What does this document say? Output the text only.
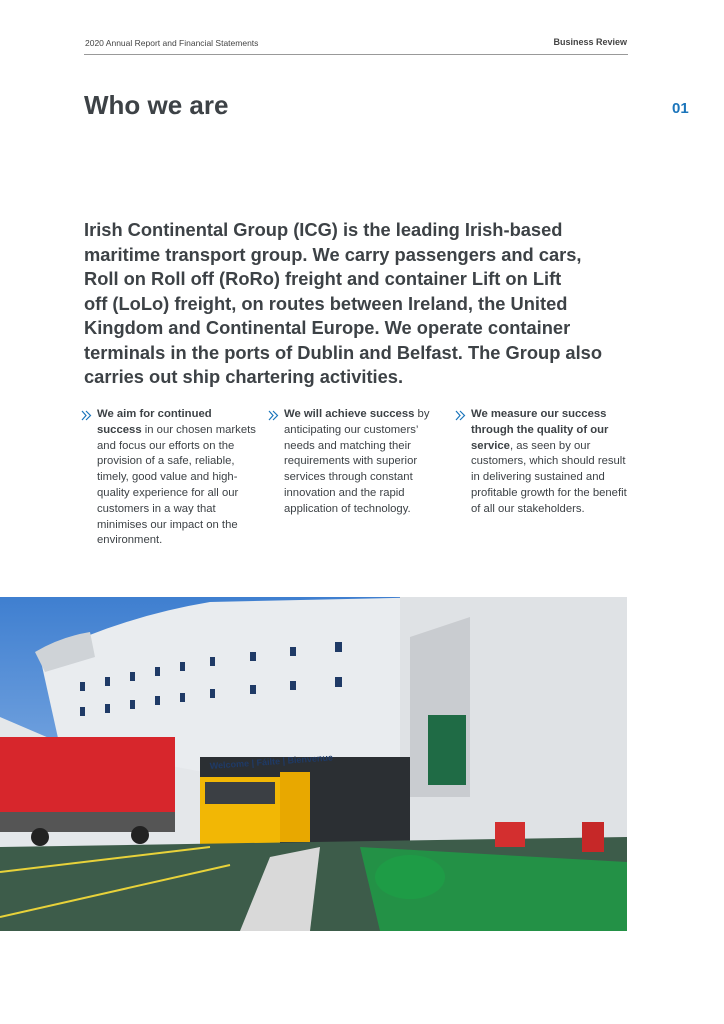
2020 Annual Report and Financial Statements	Business Review
Who we are	01
Irish Continental Group (ICG) is the leading Irish-based
maritime transport group. We carry passengers and cars,
Roll on Roll off (RoRo) freight and container Lift on Lift
off (LoLo) freight, on routes between Ireland, the United
Kingdom and Continental Europe. We operate container
terminals in the ports of Dublin and Belfast. The Group also
carries out ship chartering activities.
We aim for continued success in our chosen markets and focus our efforts on the provision of a safe, reliable, timely, good value and high-quality experience for all our customers in a way that minimises our impact on the environment.
We will achieve success by anticipating our customers’ needs and matching their requirements with superior services through constant innovation and the rapid application of technology.
We measure our success through the quality of our service, as seen by our customers, which should result in delivering sustained and profitable growth for the benefit of all our stakeholders.
Welcome | Fáilte | Bienvenue
